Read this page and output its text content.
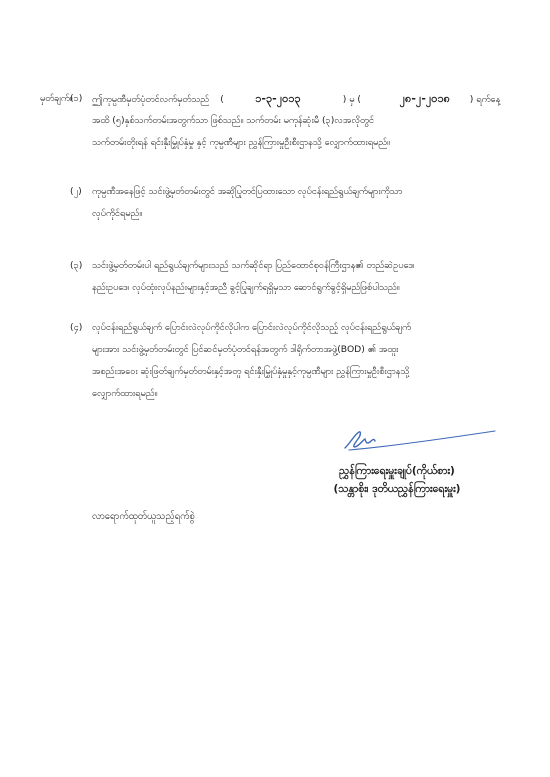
မှတ်ချက်။
(၁) ဤကုမ္ပဏီမှတ်ပုံတင်လက်မှတ်သည် (	၁-၃-၂၀၁၃	) မှ (	၂၈-၂-၂၀၁၈ ) ရက်နေ့
အထိ (၅)နှစ်သက်တမ်းအတွက်သာ ဖြစ်သည်။ သက်တမ်း မကုန်ဆုံးမီ (၃)လအလိုတွင်
သက်တမ်းတိုးရန် ရင်းနှီးမြှုပ်နှံမှု နှင့် ကုမ္ပဏီများ ညွှန်ကြားမှုဦးစီးဌာနသို့ လျှောက်ထားရမည်။
(၂) ကုမ္ပဏီအနေဖြင့် သင်းဖွဲ့မှတ်တမ်းတွင် အဆိုပြုတင်ပြထားသော လုပ်ငန်းရည်ရွယ်ချက်များကိုသာ
လုပ်ကိုင်ရမည်။
(၃) သင်းဖွဲ့မှတ်တမ်းပါ ရည်ရွယ်ချက်များသည် သက်ဆိုင်ရာ ပြည်ထောင်စုဝန်ကြီးဌာန၏ တည်ဆဲဥပဒေ၊
နည်းဥပဒေ၊ လုပ်ထုံးလုပ်နည်းများနှင့်အညီ ခွင့်ပြုချက်ရရှိမှသာ ဆောင်ရွက်ခွင့်ရှိမည်ဖြစ်ပါသည်။
(၄) လုပ်ငန်းရည်ရွယ်ချက် ပြောင်းလဲလုပ်ကိုင်လိုပါက ပြောင်းလဲလုပ်ကိုင်လိုသည့် လုပ်ငန်းရည်ရွယ်ချက်
များအား သင်းဖွဲ့မှတ်တမ်းတွင် ပြင်ဆင်မှတ်ပုံတင်ရန်အတွက် ဒါရိုက်တာအဖွဲ့(BOD) ၏ အထူး
အစည်းအဝေး ဆုံးဖြတ်ချက်မှတ်တမ်းနှင့်အတူ ရင်းနှီးမြှုပ်နှံမှုနှင့်ကုမ္ပဏီများ ညွှန်ကြားမှုဦးစီးဌာနသို့
လျှောက်ထားရမည်။
ညွှန်ကြားရေးမှူးချုပ်(ကိုယ်စား)
(သန္တာစိုး၊ ဒုတိယညွှန်ကြားရေးမှူး)
လာရောက်ထုတ်ယူသည့်ရက်စွဲ
